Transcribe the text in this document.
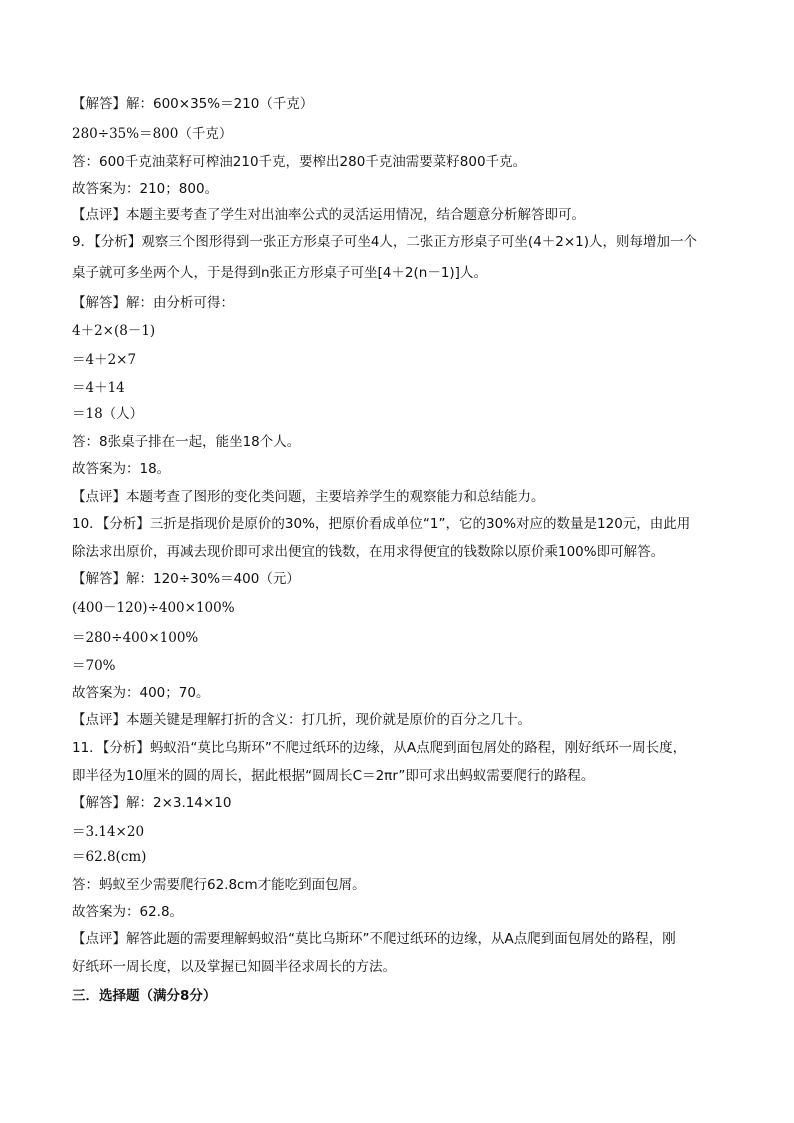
【解答】解：600×35%＝210（千克）
280÷35%＝800（千克）
答：600千克油菜籽可榨油210千克，要榨出280千克油需要菜籽800千克。
故答案为：210；800。
【点评】本题主要考查了学生对出油率公式的灵活运用情况，结合题意分析解答即可。
9．【分析】观察三个图形得到一张正方形桌子可坐4人，二张正方形桌子可坐(4＋2×1)人，则每增加一个
桌子就可多坐两个人，于是得到n张正方形桌子可坐[4＋2(n－1)]人。
【解答】解：由分析可得：
4＋2×(8－1)
＝4＋2×7
＝4＋14
＝18（人）
答：8张桌子排在一起，能坐18个人。
故答案为：18。
【点评】本题考查了图形的变化类问题，主要培养学生的观察能力和总结能力。
10．【分析】三折是指现价是原价的30%，把原价看成单位“1”，它的30%对应的数量是120元，由此用
除法求出原价，再减去现价即可求出便宜的钱数，在用求得便宜的钱数除以原价乘100%即可解答。
【解答】解：120÷30%＝400（元）
(400－120)÷400×100%
＝280÷400×100%
＝70%
故答案为：400；70。
【点评】本题关键是理解打折的含义：打几折，现价就是原价的百分之几十。
11．【分析】蚂蚁沿“莫比乌斯环”不爬过纸环的边缘，从A点爬到面包屑处的路程，刚好纸环一周长度，
即半径为10厘米的圆的周长，据此根据“圆周长C＝2πr”即可求出蚂蚁需要爬行的路程。
【解答】解：2×3.14×10
＝3.14×20
＝62.8(cm)
答：蚂蚁至少需要爬行62.8cm才能吃到面包屑。
故答案为：62.8。
【点评】解答此题的需要理解蚂蚁沿“莫比乌斯环”不爬过纸环的边缘，从A点爬到面包屑处的路程，刚
好纸环一周长度，以及掌握已知圆半径求周长的方法。
三．选择题（满分8分）
